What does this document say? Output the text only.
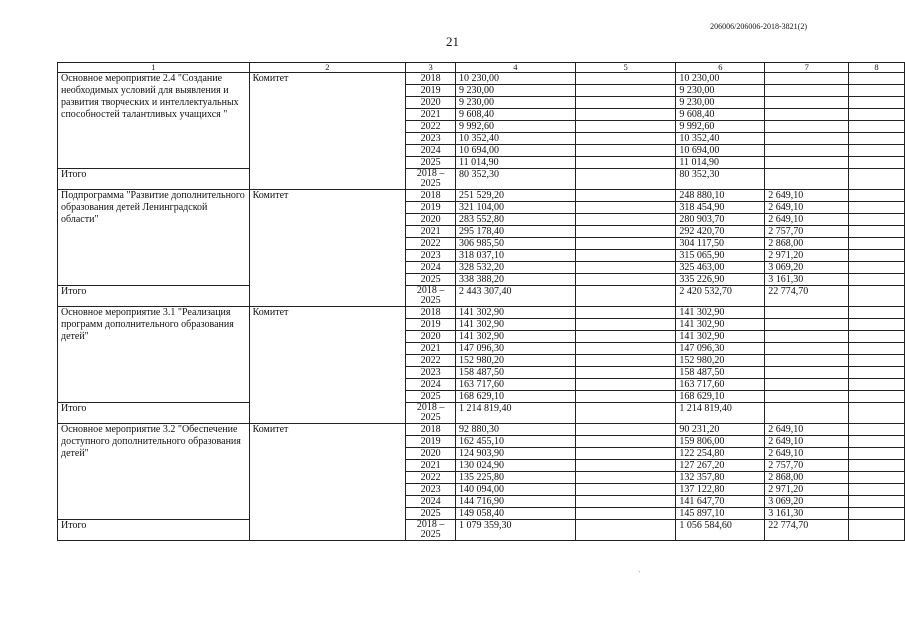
206006/206006-2018-3821(2)
21
1	2	3	4	5	6	7	8
Основное мероприятие 2.4 "Создание необходимых условий для выявления и развития творческих и интеллектуальных способностей талантливых учащихся "	Комитет	2018	10 230,00		10 230,00		
		2019	9 230,00		9 230,00		
		2020	9 230,00		9 230,00		
		2021	9 608,40		9 608,40		
		2022	9 992,60		9 992,60		
		2023	10 352,40		10 352,40		
		2024	10 694,00		10 694,00		
		2025	11 014,90		11 014,90		
Итого		2018 – 2025	80 352,30		80 352,30		
Подпрограмма "Развитие дополнительного образования детей Ленинградской области"	Комитет	2018	251 529,20		248 880,10	2 649,10	
		2019	321 104,00		318 454,90	2 649,10	
		2020	283 552,80		280 903,70	2 649,10	
		2021	295 178,40		292 420,70	2 757,70	
		2022	306 985,50		304 117,50	2 868,00	
		2023	318 037,10		315 065,90	2 971,20	
		2024	328 532,20		325 463,00	3 069,20	
		2025	338 388,20		335 226,90	3 161,30	
Итого		2018 – 2025	2 443 307,40		2 420 532,70	22 774,70	
Основное мероприятие 3.1 "Реализация программ дополнительного образования детей"	Комитет	2018	141 302,90		141 302,90		
		2019	141 302,90		141 302,90		
		2020	141 302,90		141 302,90		
		2021	147 096,30		147 096,30		
		2022	152 980,20		152 980,20		
		2023	158 487,50		158 487,50		
		2024	163 717,60		163 717,60		
		2025	168 629,10		168 629,10		
Итого		2018 – 2025	1 214 819,40		1 214 819,40		
Основное мероприятие 3.2 "Обеспечение доступного дополнительного образования детей"	Комитет	2018	92 880,30		90 231,20	2 649,10	
		2019	162 455,10		159 806,00	2 649,10	
		2020	124 903,90		122 254,80	2 649,10	
		2021	130 024,90		127 267,20	2 757,70	
		2022	135 225,80		132 357,80	2 868,00	
		2023	140 094,00		137 122,80	2 971,20	
		2024	144 716,90		141 647,70	3 069,20	
		2025	149 058,40		145 897,10	3 161,30	
Итого		2018 – 2025	1 079 359,30		1 056 584,60	22 774,70	
ˋ
